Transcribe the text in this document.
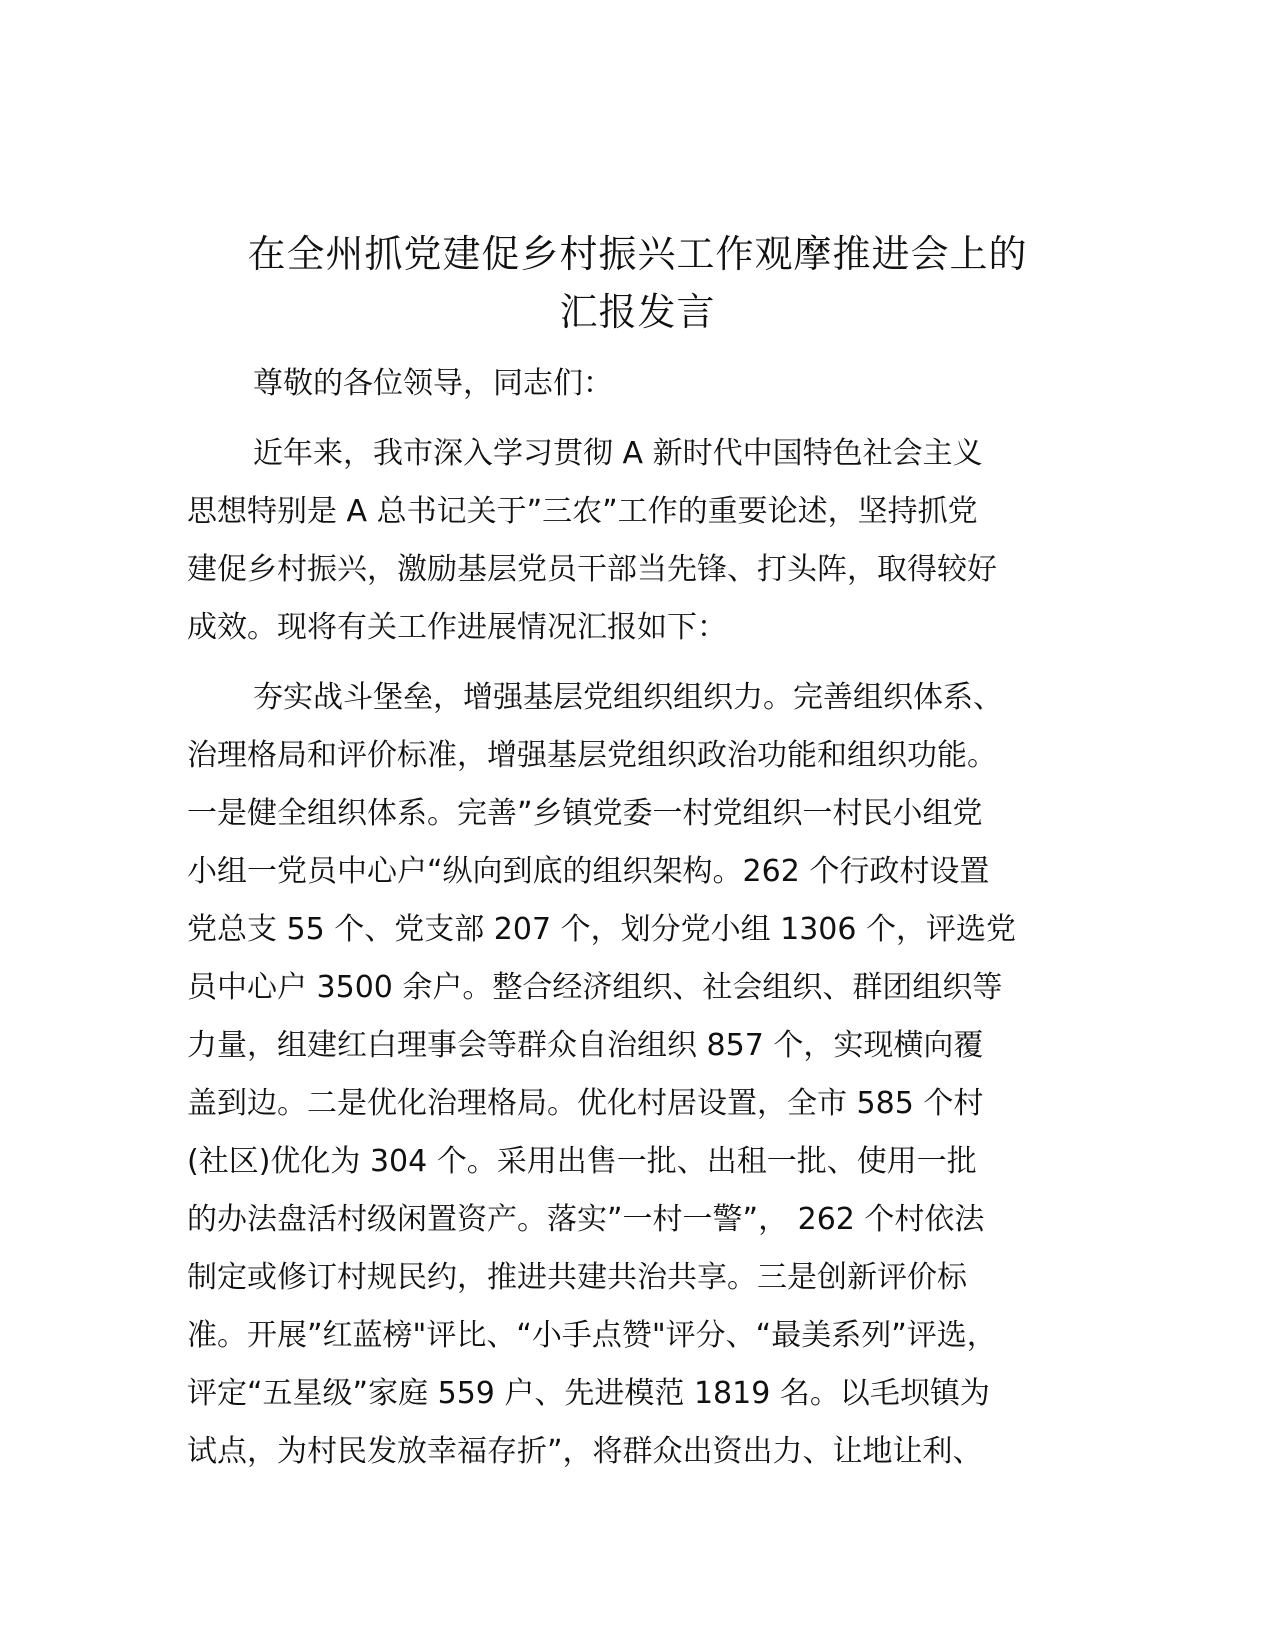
在全州抓党建促乡村振兴工作观摩推进会上的
汇报发言

尊敬的各位领导，同志们：

近年来，我市深入学习贯彻 A 新时代中国特色社会主义
思想特别是 A 总书记关于”三农”工作的重要论述，坚持抓党
建促乡村振兴，激励基层党员干部当先锋、打头阵，取得较好
成效。现将有关工作进展情况汇报如下：

夯实战斗堡垒，增强基层党组织组织力。完善组织体系、
治理格局和评价标准，增强基层党组织政治功能和组织功能。
一是健全组织体系。完善”乡镇党委一村党组织一村民小组党
小组一党员中心户“纵向到底的组织架构。262 个行政村设置
党总支 55 个、党支部 207 个，划分党小组 1306 个，评选党
员中心户 3500 余户。整合经济组织、社会组织、群团组织等
力量，组建红白理事会等群众自治组织 857 个，实现横向覆
盖到边。二是优化治理格局。优化村居设置，全市 585 个村
(社区)优化为 304 个。采用出售一批、出租一批、使用一批
的办法盘活村级闲置资产。落实”一村一警”， 262 个村依法
制定或修订村规民约，推进共建共治共享。三是创新评价标
准。开展”红蓝榜"评比、“小手点赞"评分、“最美系列”评选，
评定“五星级”家庭 559 户、先进模范 1819 名。以毛坝镇为
试点，为村民发放幸福存折”，将群众出资出力、让地让利、
